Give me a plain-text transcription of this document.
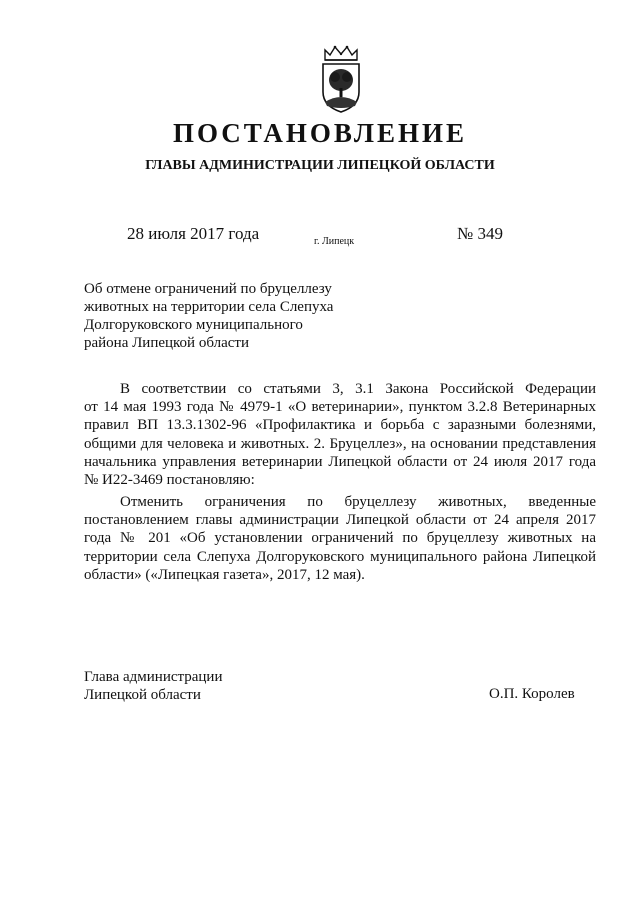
ПОСТАНОВЛЕНИЕ
ГЛАВЫ АДМИНИСТРАЦИИ ЛИПЕЦКОЙ ОБЛАСТИ
28 июля 2017 года	г. Липецк	№ 349
Об отмене ограничений по бруцеллезу
животных на территории села Слепуха
Долгоруковского муниципального
района Липецкой области
В соответствии со статьями 3, 3.1 Закона Российской Федерации
от 14 мая 1993 года № 4979-1 «О ветеринарии», пунктом 3.2.8 Ветеринарных
правил ВП 13.3.1302-96 «Профилактика и борьба с заразными болезнями,
общими для человека и животных. 2. Бруцеллез», на основании представления
начальника управления ветеринарии Липецкой области от 24 июля 2017 года
№ И22-3469 постановляю:
Отменить ограничения по бруцеллезу животных, введенные
постановлением главы администрации Липецкой области от 24 апреля 2017
года № 201 «Об установлении ограничений по бруцеллезу животных на
территории села Слепуха Долгоруковского муниципального района Липецкой
области» («Липецкая газета», 2017, 12 мая).
Глава администрации
Липецкой области	О.П. Королев
